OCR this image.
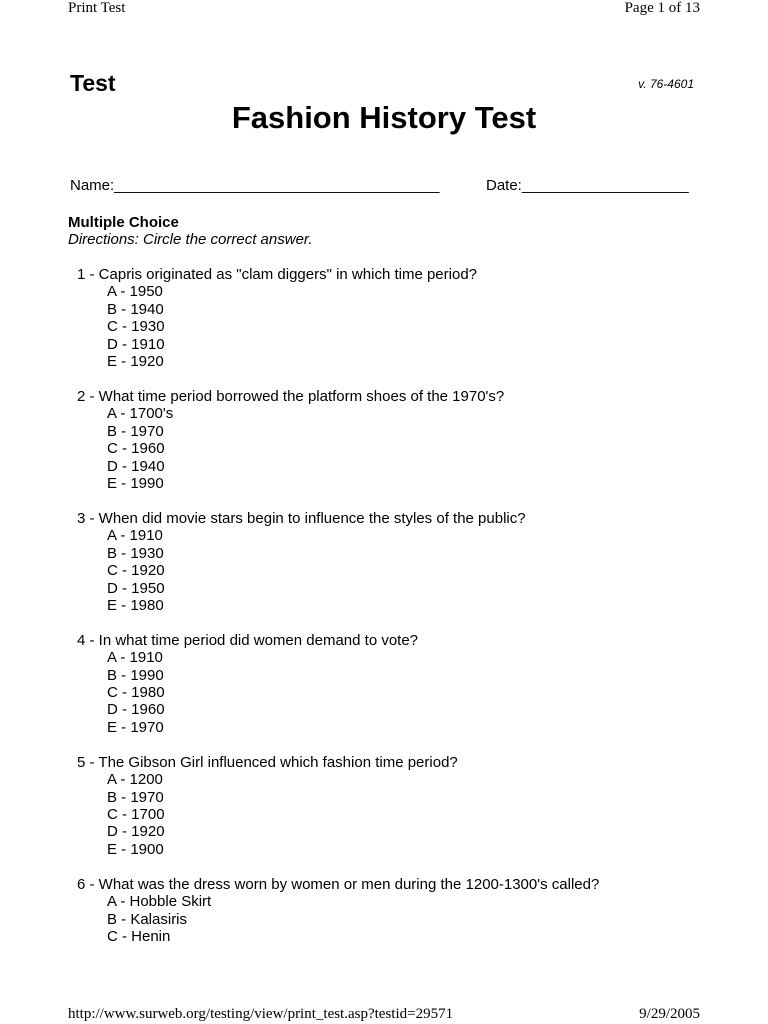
Print Test	Page 1 of 13
Test	v. 76-4601
Fashion History Test
Name:_______________________________________	Date:____________________
Multiple Choice
Directions: Circle the correct answer.
1 - Capris originated as "clam diggers" in which time period?
A - 1950
B - 1940
C - 1930
D - 1910
E - 1920
2 - What time period borrowed the platform shoes of the 1970's?
A - 1700's
B - 1970
C - 1960
D - 1940
E - 1990
3 - When did movie stars begin to influence the styles of the public?
A - 1910
B - 1930
C - 1920
D - 1950
E - 1980
4 - In what time period did women demand to vote?
A - 1910
B - 1990
C - 1980
D - 1960
E - 1970
5 - The Gibson Girl influenced which fashion time period?
A - 1200
B - 1970
C - 1700
D - 1920
E - 1900
6 - What was the dress worn by women or men during the 1200-1300's called?
A - Hobble Skirt
B - Kalasiris
C - Henin
http://www.surweb.org/testing/view/print_test.asp?testid=29571	9/29/2005
